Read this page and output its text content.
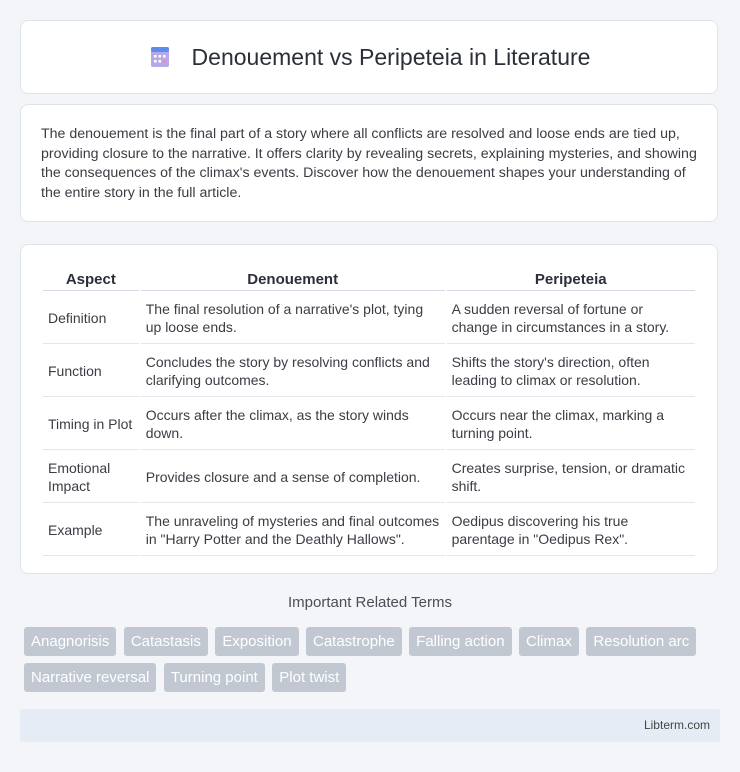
Denouement vs Peripeteia in Literature

The denouement is the final part of a story where all conflicts are resolved and loose ends are tied up, providing closure to the narrative. It offers clarity by revealing secrets, explaining mysteries, and showing the consequences of the climax's events. Discover how the denouement shapes your understanding of the entire story in the full article.

Aspect	Denouement	Peripeteia
Definition	The final resolution of a narrative's plot, tying up loose ends.	A sudden reversal of fortune or change in circumstances in a story.
Function	Concludes the story by resolving conflicts and clarifying outcomes.	Shifts the story's direction, often leading to climax or resolution.
Timing in Plot	Occurs after the climax, as the story winds down.	Occurs near the climax, marking a turning point.
Emotional Impact	Provides closure and a sense of completion.	Creates surprise, tension, or dramatic shift.
Example	The unraveling of mysteries and final outcomes in "Harry Potter and the Deathly Hallows".	Oedipus discovering his true parentage in "Oedipus Rex".
Important Related Terms
Anagnorisis Catastasis Exposition Catastrophe Falling action Climax Resolution arc Narrative reversal Turning point Plot twist
Libterm.com
